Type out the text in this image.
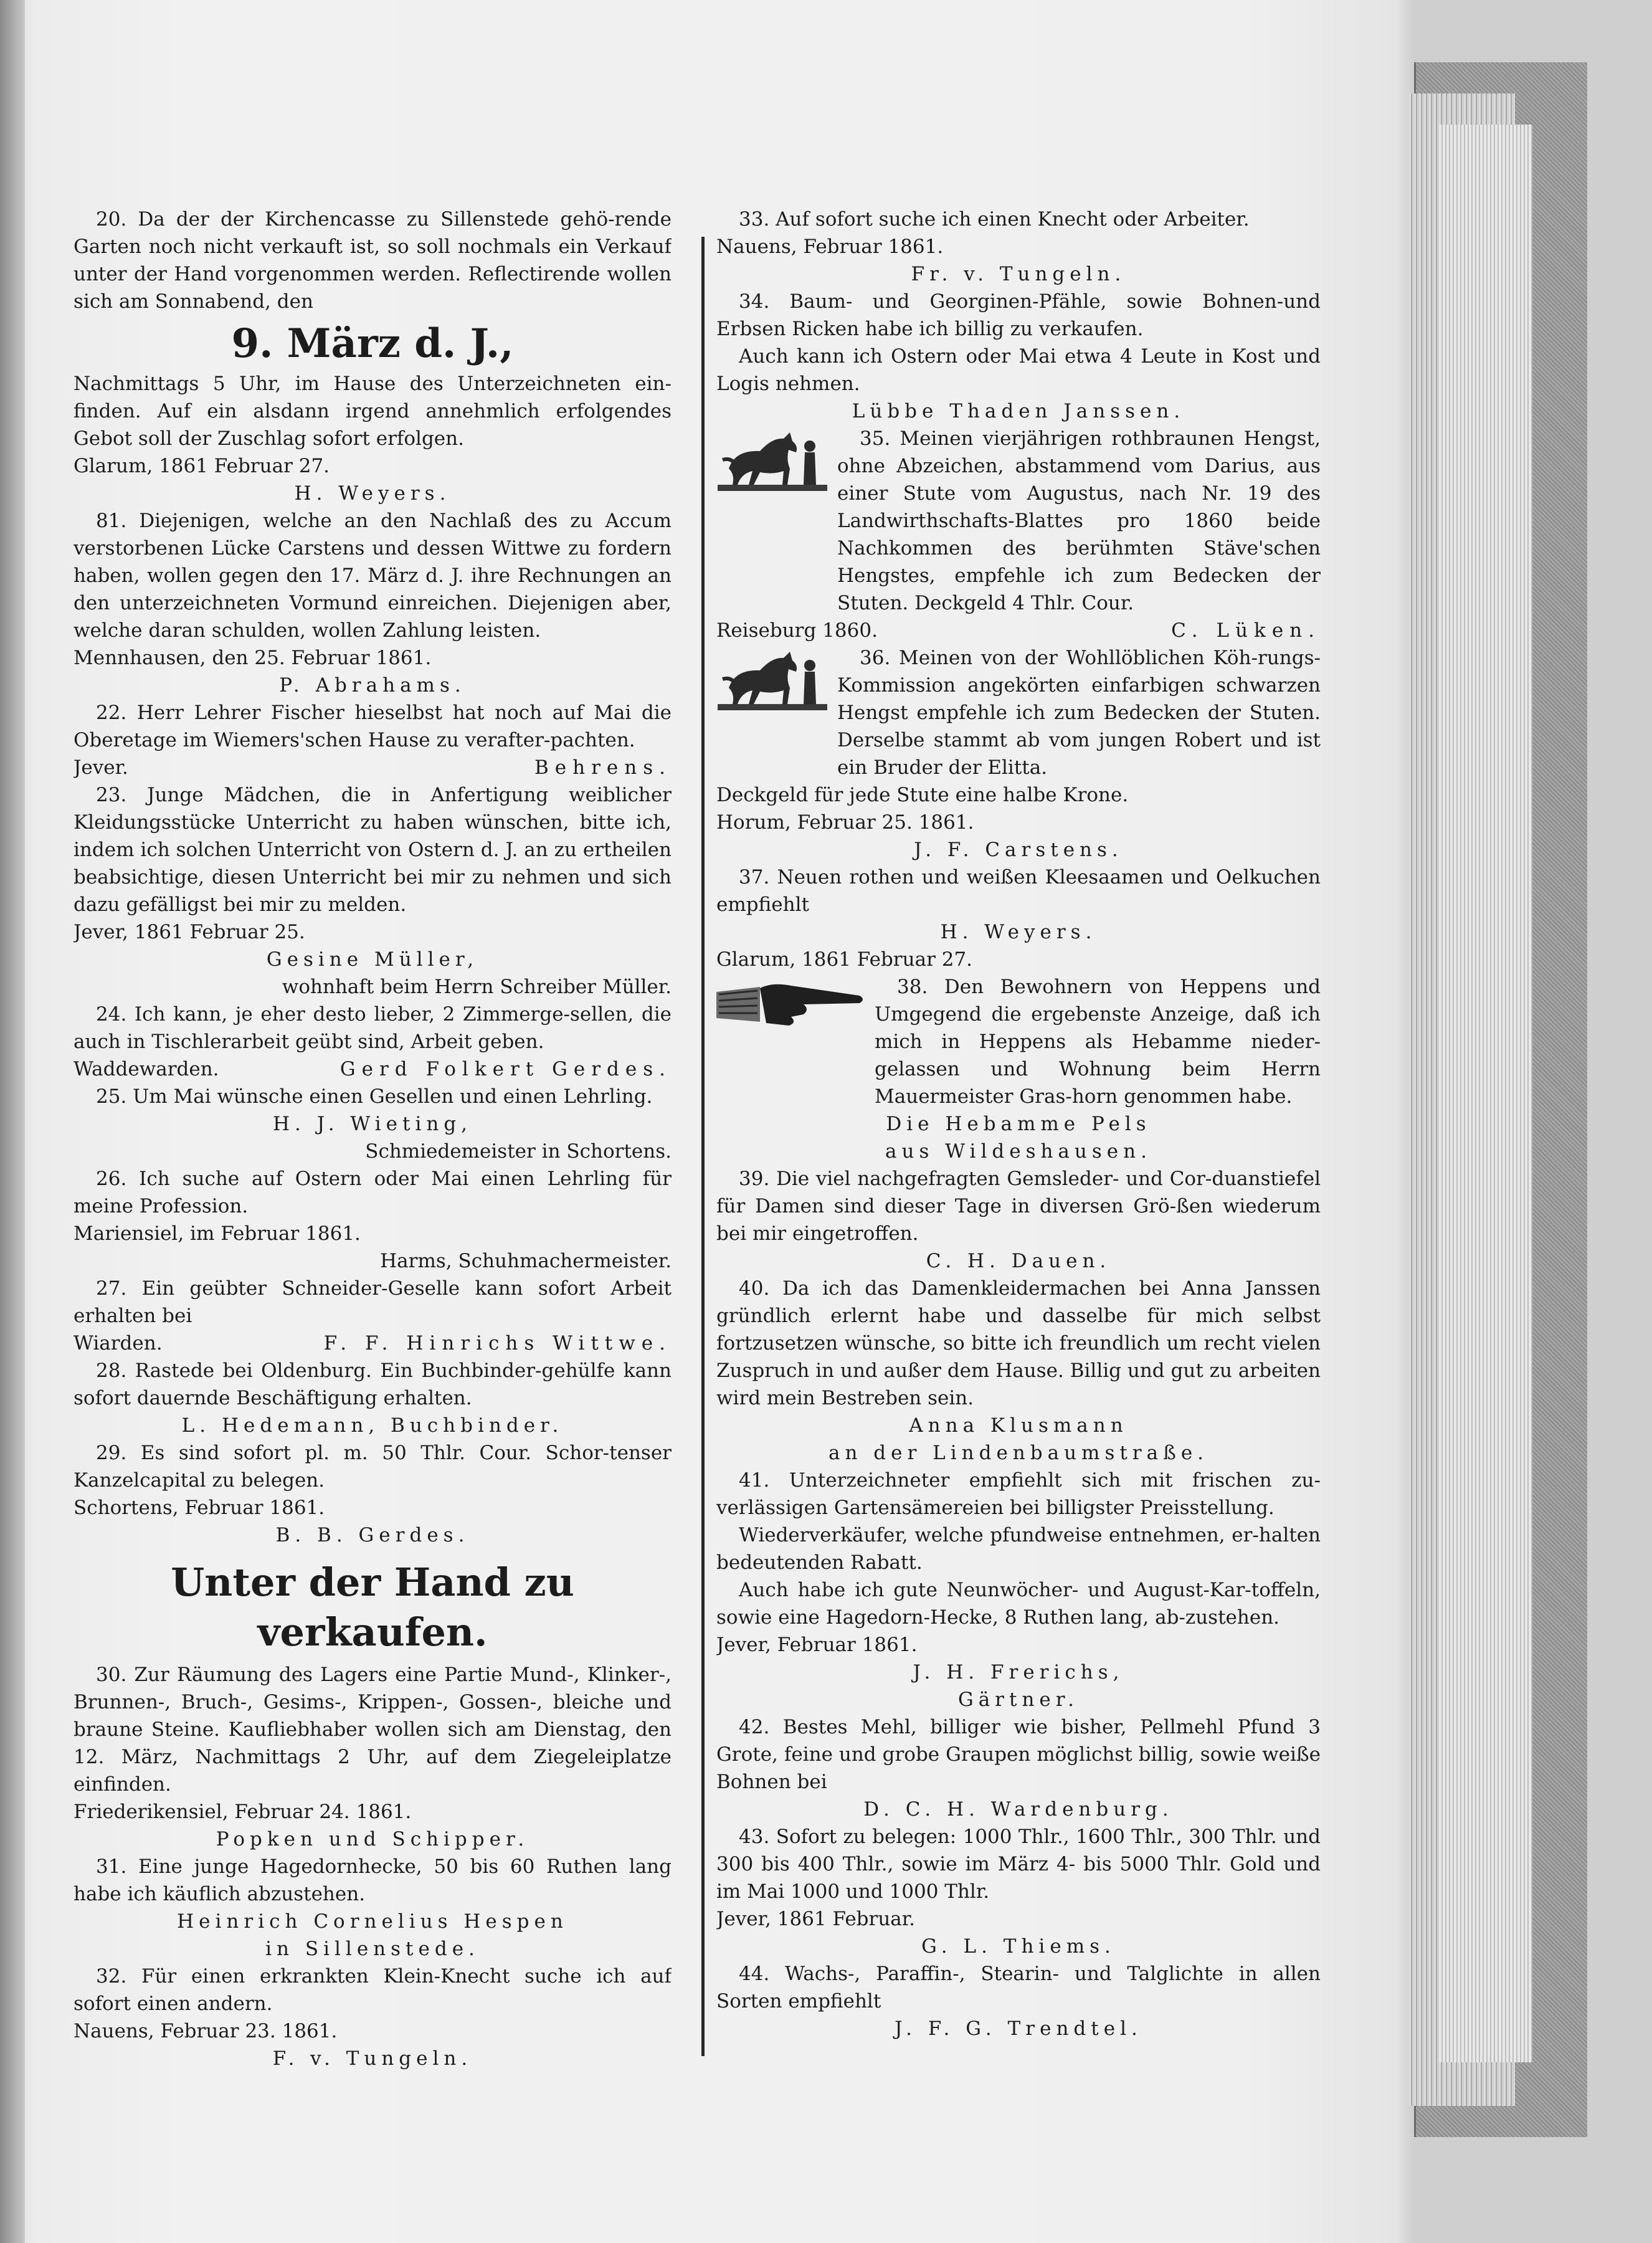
20. Da der der Kirchencasse zu Sillenstede gehö-rende Garten noch nicht verkauft ist, so soll nochmals ein Verkauf unter der Hand vorgenommen werden. Reflectirende wollen sich am Sonnabend, den

9. März d. J.,

Nachmittags 5 Uhr, im Hause des Unterzeichneten ein-finden. Auf ein alsdann irgend annehmlich erfolgendes Gebot soll der Zuschlag sofort erfolgen.

Glarum, 1861 Februar 27.

H. Weyers.

81. Diejenigen, welche an den Nachlaß des zu Accum verstorbenen Lücke Carstens und dessen Wittwe zu fordern haben, wollen gegen den 17. März d. J. ihre Rechnungen an den unterzeichneten Vormund einreichen. Diejenigen aber, welche daran schulden, wollen Zahlung leisten.

Mennhausen, den 25. Februar 1861.

P. Abrahams.

22. Herr Lehrer Fischer hieselbst hat noch auf Mai die Oberetage im Wiemers'schen Hause zu verafter-pachten.

Jever.	Behrens.

23. Junge Mädchen, die in Anfertigung weiblicher Kleidungsstücke Unterricht zu haben wünschen, bitte ich, indem ich solchen Unterricht von Ostern d. J. an zu ertheilen beabsichtige, diesen Unterricht bei mir zu nehmen und sich dazu gefälligst bei mir zu melden.

Jever, 1861 Februar 25.

Gesine Müller,

wohnhaft beim Herrn Schreiber Müller.

24. Ich kann, je eher desto lieber, 2 Zimmerge-sellen, die auch in Tischlerarbeit geübt sind, Arbeit geben.

Waddewarden.	Gerd Folkert Gerdes.

25. Um Mai wünsche einen Gesellen und einen Lehrling.

H. J. Wieting,

Schmiedemeister in Schortens.

26. Ich suche auf Ostern oder Mai einen Lehrling für meine Profession.

Mariensiel, im Februar 1861.

Harms, Schuhmachermeister.

27. Ein geübter Schneider-Geselle kann sofort Arbeit erhalten bei

Wiarden.	F. F. Hinrichs Wittwe.

28. Rastede bei Oldenburg. Ein Buchbinder-gehülfe kann sofort dauernde Beschäftigung erhalten.

L. Hedemann, Buchbinder.

29. Es sind sofort pl. m. 50 Thlr. Cour. Schor-tenser Kanzelcapital zu belegen.

Schortens, Februar 1861.

B. B. Gerdes.

Unter der Hand zu verkaufen.

30. Zur Räumung des Lagers eine Partie Mund-, Klinker-, Brunnen-, Bruch-, Gesims-, Krippen-, Gossen-, bleiche und braune Steine. Kaufliebhaber wollen sich am Dienstag, den 12. März, Nachmittags 2 Uhr, auf dem Ziegeleiplatze einfinden.

Friederikensiel, Februar 24. 1861.

Popken und Schipper.

31. Eine junge Hagedornhecke, 50 bis 60 Ruthen lang habe ich käuflich abzustehen.

Heinrich Cornelius Hespen

in Sillenstede.

32. Für einen erkrankten Klein-Knecht suche ich auf sofort einen andern.

Nauens, Februar 23. 1861.

F. v. Tungeln.

33. Auf sofort suche ich einen Knecht oder Arbeiter.

Nauens, Februar 1861.

Fr. v. Tungeln.

34. Baum- und Georginen-Pfähle, sowie Bohnen-und Erbsen Ricken habe ich billig zu verkaufen.

Auch kann ich Ostern oder Mai etwa 4 Leute in Kost und Logis nehmen.

Lübbe Thaden Janssen.

35. Meinen vierjährigen rothbraunen Hengst, ohne Abzeichen, abstammend vom Darius, aus einer Stute vom Augustus, nach Nr. 19 des Landwirthschafts-Blattes pro 1860 beide Nachkommen des berühmten Stäve'schen Hengstes, empfehle ich zum Bedecken der Stuten. Deckgeld 4 Thlr. Cour.

Reiseburg 1860.	C. Lüken.

36. Meinen von der Wohllöblichen Köh-rungs-Kommission angekörten einfarbigen schwarzen Hengst empfehle ich zum Bedecken der Stuten. Derselbe stammt ab vom jungen Robert und ist ein Bruder der Elitta.

Deckgeld für jede Stute eine halbe Krone.

Horum, Februar 25. 1861.

J. F. Carstens.

37. Neuen rothen und weißen Kleesaamen und Oelkuchen empfiehlt

H. Weyers.

Glarum, 1861 Februar 27.

38. Den Bewohnern von Heppens und Umgegend die ergebenste Anzeige, daß ich mich in Heppens als Hebamme nieder-gelassen und Wohnung beim Herrn Mauermeister Gras-horn genommen habe.

Die Hebamme Pels

aus Wildeshausen.

39. Die viel nachgefragten Gemsleder- und Cor-duanstiefel für Damen sind dieser Tage in diversen Grö-ßen wiederum bei mir eingetroffen.

C. H. Dauen.

40. Da ich das Damenkleidermachen bei Anna Janssen gründlich erlernt habe und dasselbe für mich selbst fortzusetzen wünsche, so bitte ich freundlich um recht vielen Zuspruch in und außer dem Hause. Billig und gut zu arbeiten wird mein Bestreben sein.

Anna Klusmann

an der Lindenbaumstraße.

41. Unterzeichneter empfiehlt sich mit frischen zu-verlässigen Gartensämereien bei billigster Preisstellung.

Wiederverkäufer, welche pfundweise entnehmen, er-halten bedeutenden Rabatt.

Auch habe ich gute Neunwöcher- und August-Kar-toffeln, sowie eine Hagedorn-Hecke, 8 Ruthen lang, ab-zustehen.

Jever, Februar 1861.

J. H. Frerichs,

Gärtner.

42. Bestes Mehl, billiger wie bisher, Pellmehl Pfund 3 Grote, feine und grobe Graupen möglichst billig, sowie weiße Bohnen bei

D. C. H. Wardenburg.

43. Sofort zu belegen: 1000 Thlr., 1600 Thlr., 300 Thlr. und 300 bis 400 Thlr., sowie im März 4- bis 5000 Thlr. Gold und im Mai 1000 und 1000 Thlr.

Jever, 1861 Februar.

G. L. Thiems.

44. Wachs-, Paraffin-, Stearin- und Talglichte in allen Sorten empfiehlt

J. F. G. Trendtel.
